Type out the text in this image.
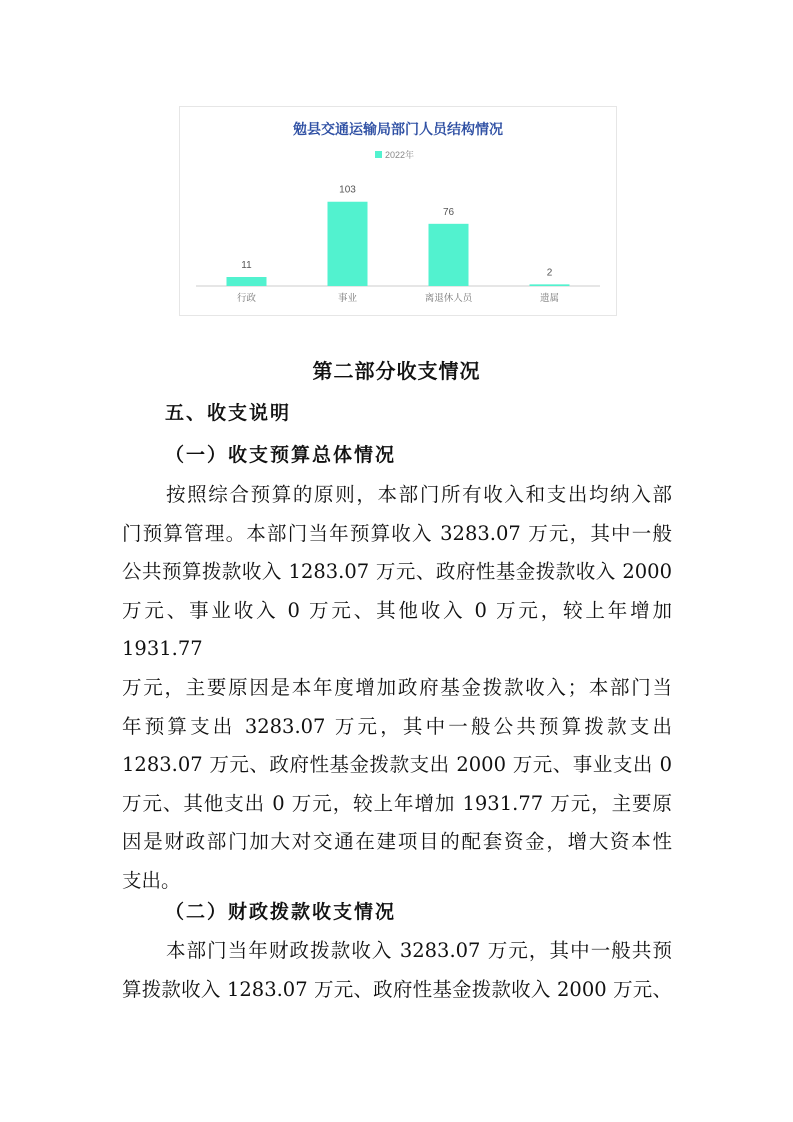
勉县交通运输局部门人员结构情况
2022年
11
行政
103
事业
76
离退休人员
2
遗属
第二部分收支情况
五、收支说明
（一）收支预算总体情况
按照综合预算的原则，本部门所有收入和支出均纳入部
门预算管理。本部门当年预算收入 3283.07 万元，其中一般
公共预算拨款收入 1283.07 万元、政府性基金拨款收入 2000
万元、事业收入 0 万元、其他收入 0 万元，较上年增加 1931.77
万元，主要原因是本年度增加政府基金拨款收入；本部门当
年预算支出 3283.07 万元，其中一般公共预算拨款支出
1283.07 万元、政府性基金拨款支出 2000 万元、事业支出 0
万元、其他支出 0 万元，较上年增加 1931.77 万元，主要原
因是财政部门加大对交通在建项目的配套资金，增大资本性
支出。
（二）财政拨款收支情况
本部门当年财政拨款收入 3283.07 万元，其中一般共预
算拨款收入 1283.07 万元、政府性基金拨款收入 2000 万元、
